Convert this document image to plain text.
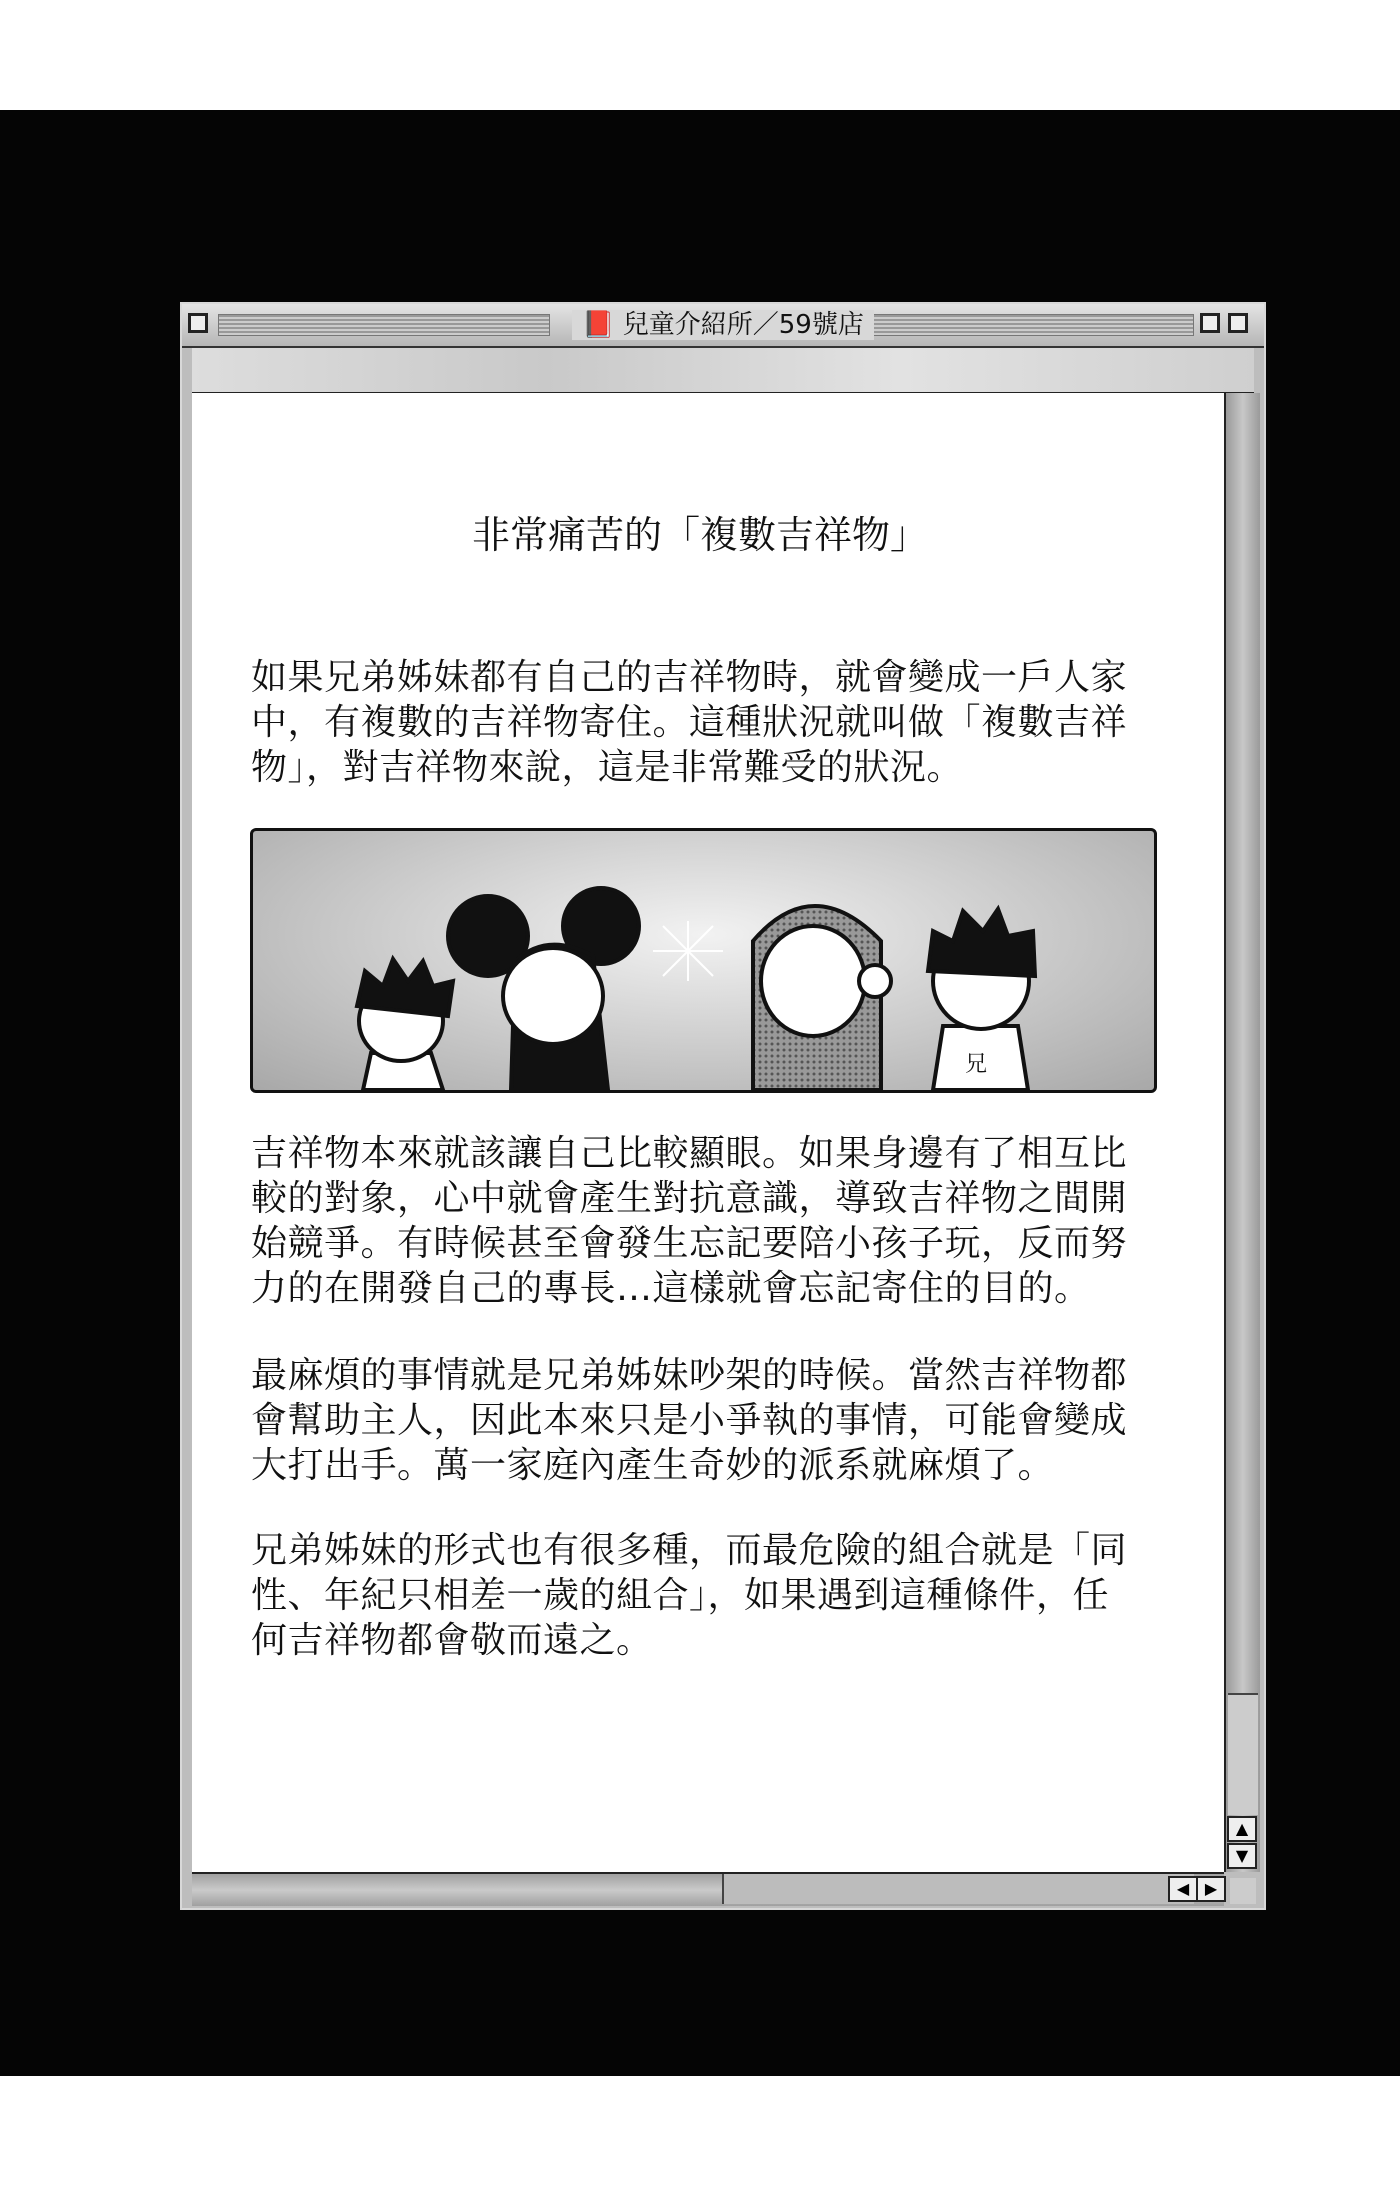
📕 兒童介紹所／59號店
▲
▼
◀ ▶
非常痛苦的「複數吉祥物」
如果兄弟姊妹都有自己的吉祥物時，就會變成一戶人家
中，有複數的吉祥物寄住。這種狀況就叫做「複數吉祥
物」，對吉祥物來說，這是非常難受的狀況。
兄
吉祥物本來就該讓自己比較顯眼。如果身邊有了相互比
較的對象，心中就會產生對抗意識，導致吉祥物之間開
始競爭。有時候甚至會發生忘記要陪小孩子玩，反而努
力的在開發自己的專長…這樣就會忘記寄住的目的。
最麻煩的事情就是兄弟姊妹吵架的時候。當然吉祥物都
會幫助主人，因此本來只是小爭執的事情，可能會變成
大打出手。萬一家庭內產生奇妙的派系就麻煩了。
兄弟姊妹的形式也有很多種，而最危險的組合就是「同
性、年紀只相差一歲的組合」，如果遇到這種條件，任
何吉祥物都會敬而遠之。
